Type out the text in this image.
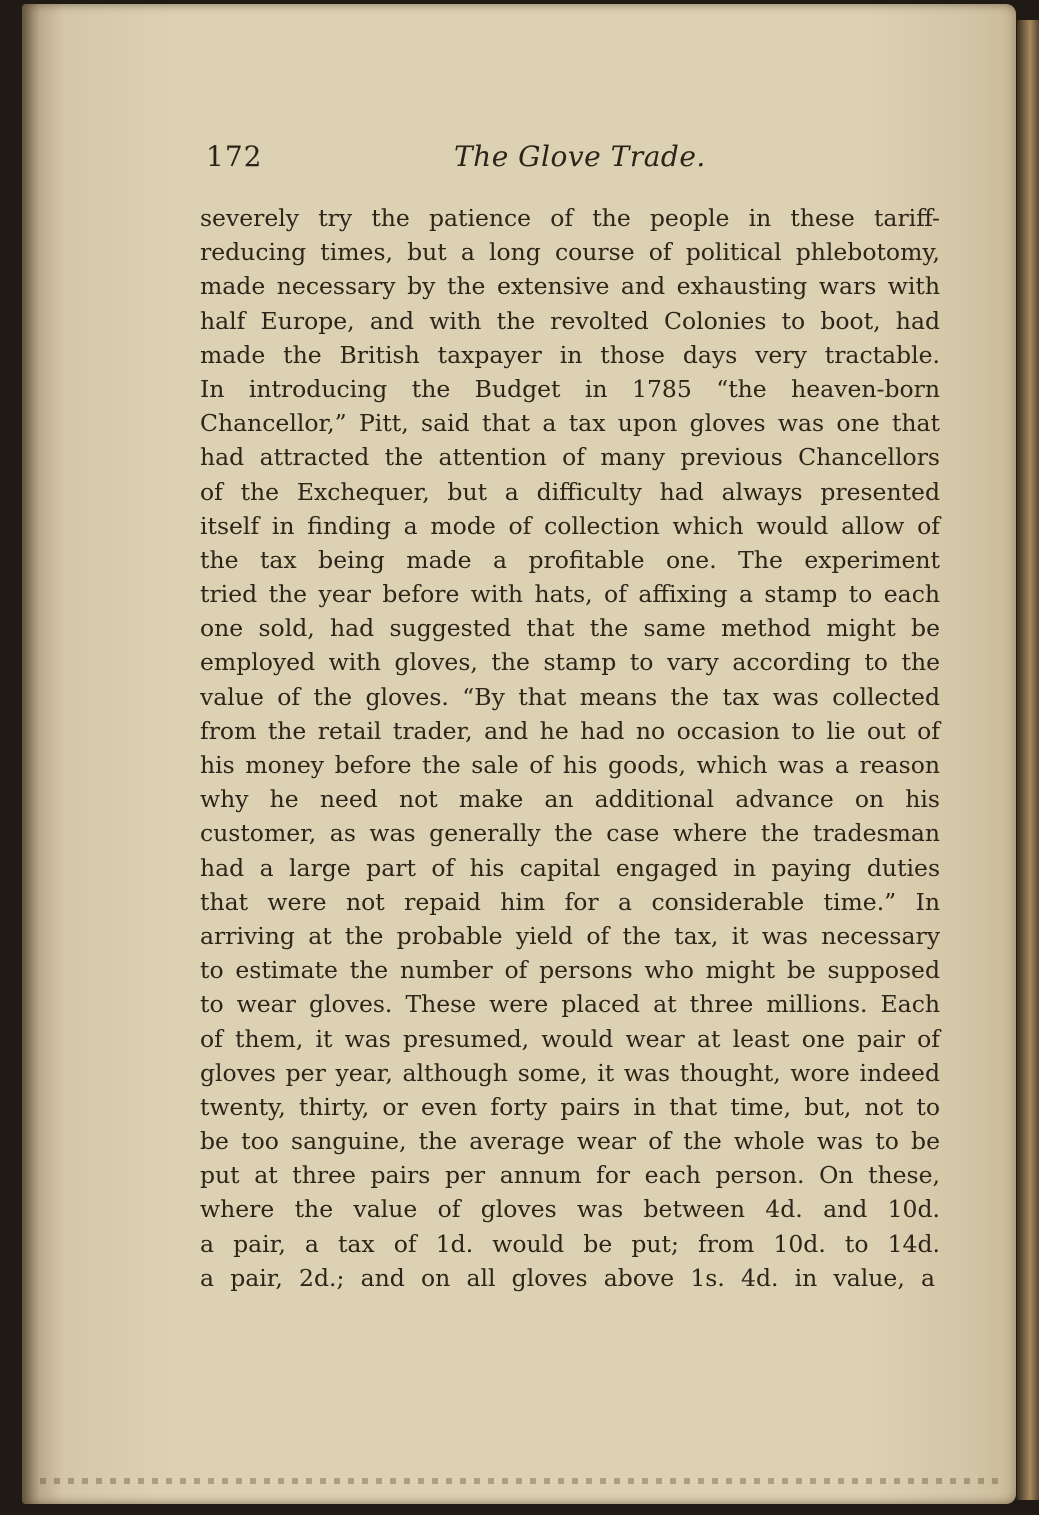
172	The Glove Trade.
severely try the patience of the people in these tariff-
reducing times, but a long course of political phlebotomy,
made necessary by the extensive and exhausting wars with
half Europe, and with the revolted Colonies to boot, had
made the British taxpayer in those days very tractable.
In introducing the Budget in 1785 “the heaven-born
Chancellor,” Pitt, said that a tax upon gloves was one that
had attracted the attention of many previous Chancellors
of the Exchequer, but a difficulty had always presented
itself in finding a mode of collection which would allow of
the tax being made a profitable one. The experiment
tried the year before with hats, of affixing a stamp to each
one sold, had suggested that the same method might be
employed with gloves, the stamp to vary according to the
value of the gloves. “By that means the tax was collected
from the retail trader, and he had no occasion to lie out of
his money before the sale of his goods, which was a reason
why he need not make an additional advance on his
customer, as was generally the case where the tradesman
had a large part of his capital engaged in paying duties
that were not repaid him for a considerable time.” In
arriving at the probable yield of the tax, it was necessary
to estimate the number of persons who might be supposed
to wear gloves. These were placed at three millions. Each
of them, it was presumed, would wear at least one pair of
gloves per year, although some, it was thought, wore indeed
twenty, thirty, or even forty pairs in that time, but, not to
be too sanguine, the average wear of the whole was to be
put at three pairs per annum for each person. On these,
where the value of gloves was between 4d. and 10d.
a pair, a tax of 1d. would be put; from 10d. to 14d.
a pair, 2d.; and on all gloves above 1s. 4d. in value, a
